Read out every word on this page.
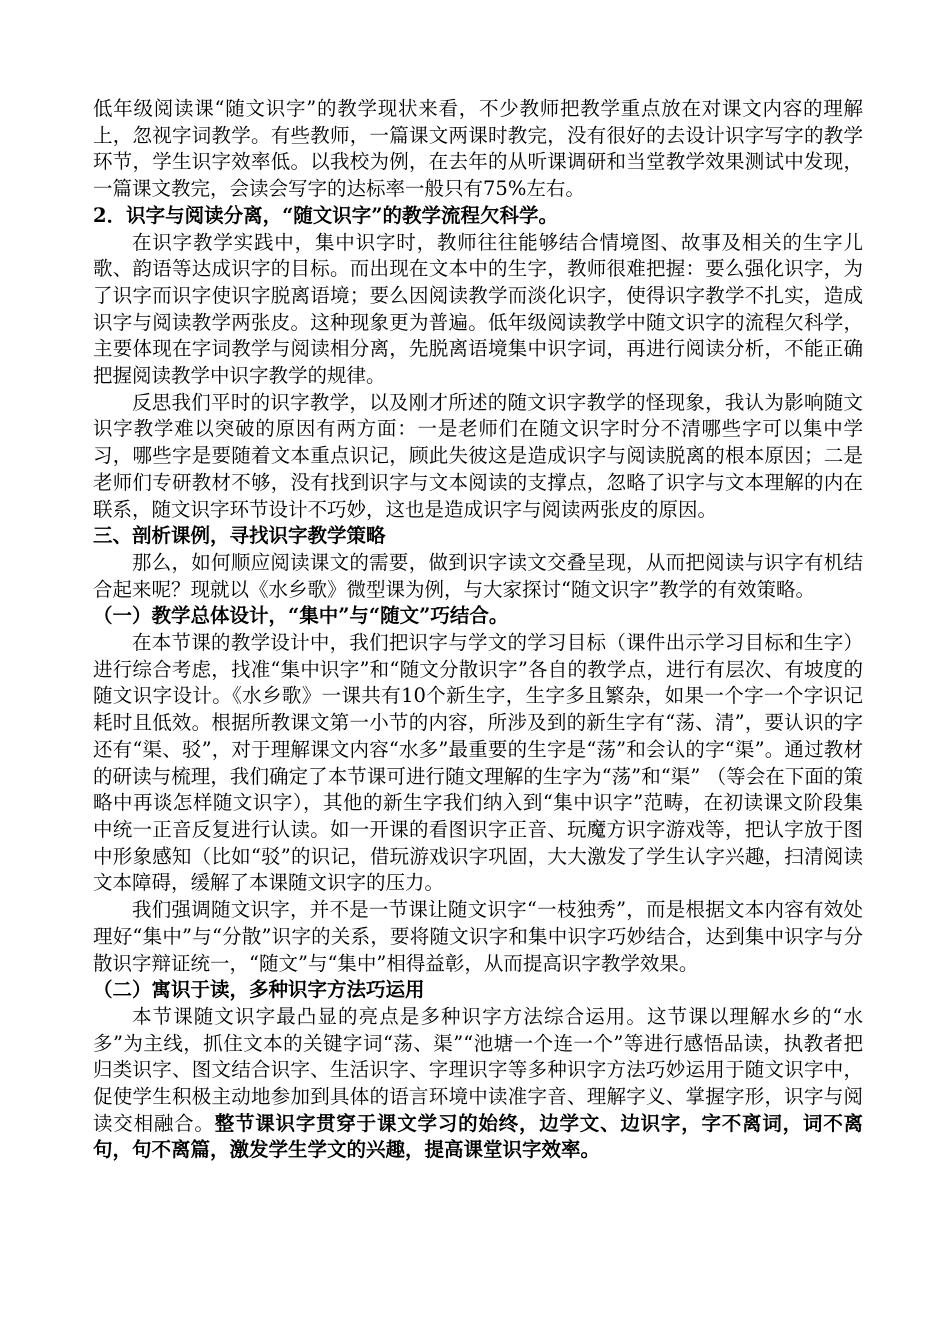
低年级阅读课“随文识字”的教学现状来看，不少教师把教学重点放在对课文内容的理解上，忽视字词教学。有些教师，一篇课文两课时教完，没有很好的去设计识字写字的教学环节，学生识字效率低。以我校为例，在去年的从听课调研和当堂教学效果测试中发现，一篇课文教完，会读会写字的达标率一般只有75%左右。

2．识字与阅读分离，“随文识字”的教学流程欠科学。

在识字教学实践中，集中识字时，教师往往能够结合情境图、故事及相关的生字儿歌、韵语等达成识字的目标。而出现在文本中的生字，教师很难把握：要么强化识字，为了识字而识字使识字脱离语境；要么因阅读教学而淡化识字，使得识字教学不扎实，造成识字与阅读教学两张皮。这种现象更为普遍。低年级阅读教学中随文识字的流程欠科学，主要体现在字词教学与阅读相分离，先脱离语境集中识字词，再进行阅读分析，不能正确把握阅读教学中识字教学的规律。

反思我们平时的识字教学，以及刚才所述的随文识字教学的怪现象，我认为影响随文识字教学难以突破的原因有两方面：一是老师们在随文识字时分不清哪些字可以集中学习，哪些字是要随着文本重点识记，顾此失彼这是造成识字与阅读脱离的根本原因；二是老师们专研教材不够，没有找到识字与文本阅读的支撑点，忽略了识字与文本理解的内在联系，随文识字环节设计不巧妙，这也是造成识字与阅读两张皮的原因。

三、剖析课例，寻找识字教学策略

那么，如何顺应阅读课文的需要，做到识字读文交叠呈现，从而把阅读与识字有机结合起来呢？现就以《水乡歌》微型课为例，与大家探讨“随文识字”教学的有效策略。

（一）教学总体设计，“集中”与“随文”巧结合。

在本节课的教学设计中，我们把识字与学文的学习目标（课件出示学习目标和生字）进行综合考虑，找准“集中识字”和“随文分散识字”各自的教学点，进行有层次、有坡度的随文识字设计。《水乡歌》一课共有10个新生字，生字多且繁杂，如果一个字一个字识记耗时且低效。根据所教课文第一小节的内容，所涉及到的新生字有“荡、清”，要认识的字还有“渠、驳”，对于理解课文内容“水多”最重要的生字是“荡”和会认的字“渠”。通过教材的研读与梳理，我们确定了本节课可进行随文理解的生字为“荡”和“渠” （等会在下面的策略中再谈怎样随文识字），其他的新生字我们纳入到“集中识字”范畴，在初读课文阶段集中统一正音反复进行认读。如一开课的看图识字正音、玩魔方识字游戏等，把认字放于图中形象感知（比如“驳”的识记，借玩游戏识字巩固，大大激发了学生认字兴趣，扫清阅读文本障碍，缓解了本课随文识字的压力。

我们强调随文识字，并不是一节课让随文识字“一枝独秀”，而是根据文本内容有效处理好“集中”与“分散”识字的关系，要将随文识字和集中识字巧妙结合，达到集中识字与分散识字辩证统一，“随文”与“集中”相得益彰，从而提高识字教学效果。

（二）寓识于读，多种识字方法巧运用

本节课随文识字最凸显的亮点是多种识字方法综合运用。这节课以理解水乡的“水多”为主线，抓住文本的关键字词“荡、渠”“池塘一个连一个”等进行感悟品读，执教者把归类识字、图文结合识字、生活识字、字理识字等多种识字方法巧妙运用于随文识字中，促使学生积极主动地参加到具体的语言环境中读准字音、理解字义、掌握字形，识字与阅读交相融合。整节课识字贯穿于课文学习的始终，边学文、边识字，字不离词，词不离句，句不离篇，激发学生学文的兴趣，提高课堂识字效率。
